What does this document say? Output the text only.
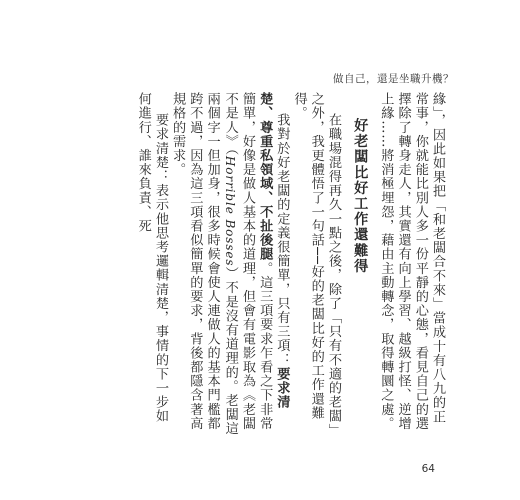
做自己，還是坐職升機？

緣」，因此如果把「和老闆合不來」當成十有八九的正常事，你就能比別人多一份平靜的心態，看見自己的選擇除了轉身走人，其實還有向上學習、越級打怪、逆增上緣……將消極埋怨，藉由主動轉念，取得轉圜之處。

好老闆比好工作還難得

在職場混得再久一點之後，除了「只有不適的老闆」之外，我更體悟了一句話──好的老闆比好的工作還難得。

我對於好老闆的定義很簡單，只有三項：要求清楚、尊重私領域、不扯後腿。這三項要求乍看之下非常簡單，好像是做人基本的道理，但會有電影取為《老闆不是人》（Horrible Bosses）不是沒有道理的。老闆這兩個字一但加身，很多時候會使人連做人的基本門檻都跨不過，因為這三項看似簡單的要求，背後都隱含著高規格的需求。

要求清楚：表示他思考邏輯清楚，事情的下一步如何進行、誰來負責、死

64
